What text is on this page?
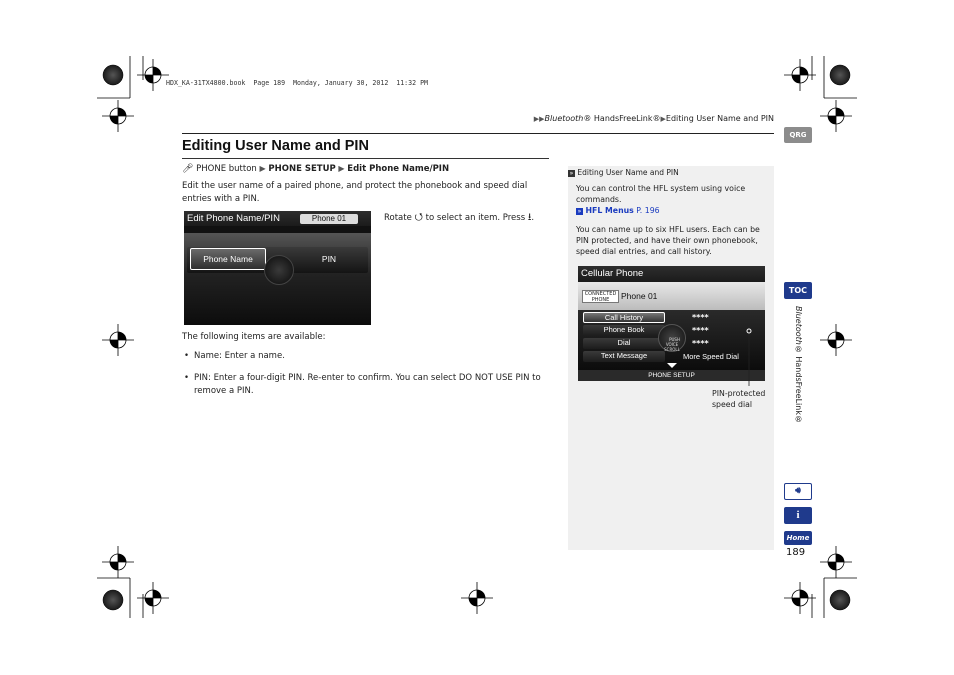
HDX_KA-31TX4800.book  Page 189  Monday, January 30, 2012  11:32 PM
▶▶Bluetooth® HandsFreeLink®▶Editing User Name and PIN
Editing User Name and PIN
🎤︎ PHONE button ▶ PHONE SETUP ▶ Edit Phone Name/PIN
Edit the user name of a paired phone, and protect the phonebook and speed dial entries with a PIN.
Edit Phone Name/PIN	Phone 01
Phone Name	PIN
Rotate ⭯︎ to select an item. Press ⭳︎.
The following items are available:
• Name: Enter a name.
• PIN: Enter a four-digit PIN. Re-enter to confirm. You can select DO NOT USE PIN to remove a PIN.
» Editing User Name and PIN
You can control the HFL system using voice commands.
» HFL Menus P. 196
You can name up to six HFL users. Each can be PIN protected, and have their own phonebook, speed dial entries, and call history.
Cellular Phone
CONNECTED PHONE	Phone 01
Call History	****
Phone Book	****
Dial	****
Text Message	More Speed Dial

PUSH
VOICE
SCROLL

PHONE SETUP
PIN-protected speed dial
QRG
TOC
Bluetooth® HandsFreeLink®
🔊︎
i
Home
189
